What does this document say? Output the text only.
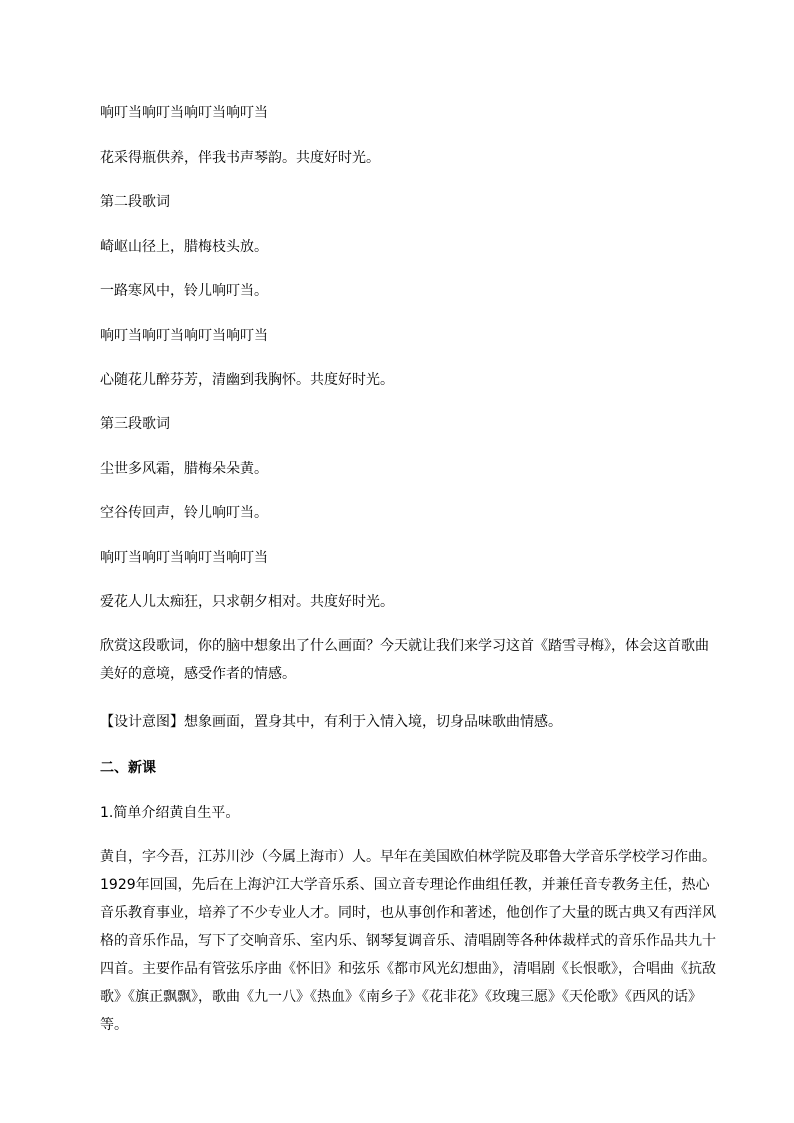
响叮当响叮当响叮当响叮当
花采得瓶供养，伴我书声琴韵。共度好时光。
第二段歌词
崎岖山径上，腊梅枝头放。
一路寒风中，铃儿响叮当。
响叮当响叮当响叮当响叮当
心随花儿醉芬芳，清幽到我胸怀。共度好时光。
第三段歌词
尘世多风霜，腊梅朵朵黄。
空谷传回声，铃儿响叮当。
响叮当响叮当响叮当响叮当
爱花人儿太痴狂，只求朝夕相对。共度好时光。
欣赏这段歌词，你的脑中想象出了什么画面？今天就让我们来学习这首《踏雪寻梅》，体会这首歌曲美好的意境，感受作者的情感。
【设计意图】想象画面，置身其中，有利于入情入境，切身品味歌曲情感。
二、新课
1.简单介绍黄自生平。
黄自，字今吾，江苏川沙（今属上海市）人。早年在美国欧伯林学院及耶鲁大学音乐学校学习作曲。1929年回国，先后在上海沪江大学音乐系、国立音专理论作曲组任教，并兼任音专教务主任，热心音乐教育事业，培养了不少专业人才。同时，也从事创作和著述，他创作了大量的既古典又有西洋风格的音乐作品，写下了交响音乐、室内乐、钢琴复调音乐、清唱剧等各种体裁样式的音乐作品共九十四首。主要作品有管弦乐序曲《怀旧》和弦乐《都市风光幻想曲》，清唱剧《长恨歌》，合唱曲《抗敌歌》《旗正飘飘》，歌曲《九一八》《热血》《南乡子》《花非花》《玫瑰三愿》《天伦歌》《西风的话》等。
